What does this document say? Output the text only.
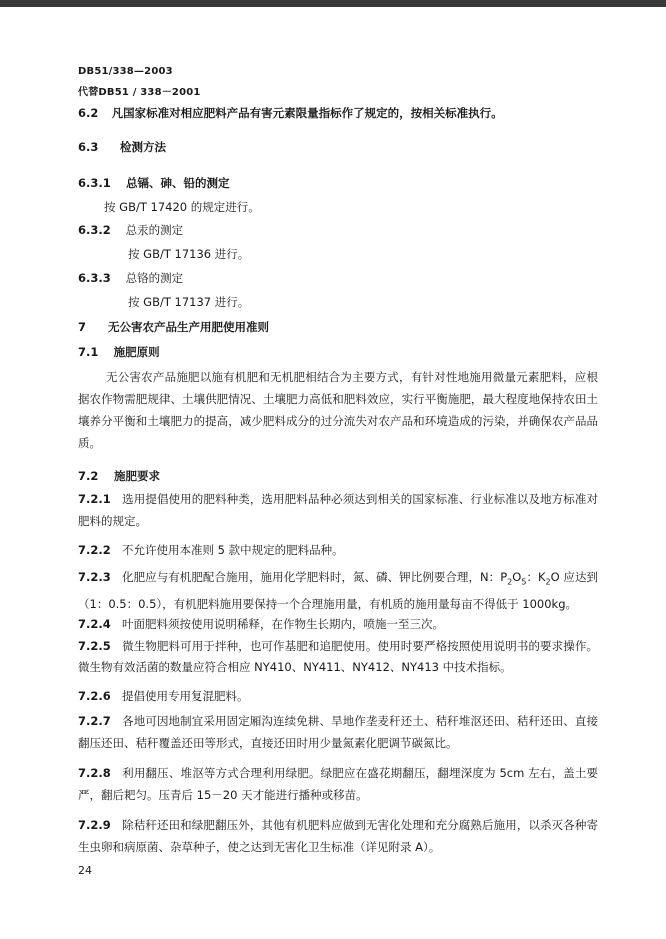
DB51/338—2003
代替DB51 / 338－2001
6.2 凡国家标准对相应肥料产品有害元素限量指标作了规定的，按相关标准执行。
6.3 检测方法
6.3.1 总镉、砷、铅的测定
按 GB/T 17420 的规定进行。
6.3.2 总汞的测定
按 GB/T 17136 进行。
6.3.3 总铬的测定
按 GB/T 17137 进行。
7 无公害农产品生产用肥使用准则
7.1 施肥原则
无公害农产品施肥以施有机肥和无机肥相结合为主要方式，有针对性地施用微量元素肥料，应根据农作物需肥规律、土壤供肥情况、土壤肥力高低和肥料效应，实行平衡施肥，最大程度地保持农田土壤养分平衡和土壤肥力的提高，减少肥料成分的过分流失对农产品和环境造成的污染，并确保农产品品质。
7.2 施肥要求
7.2.1 选用提倡使用的肥料种类，选用肥料品种必须达到相关的国家标准、行业标准以及地方标准对肥料的规定。
7.2.2 不允许使用本准则 5 款中规定的肥料品种。
7.2.3 化肥应与有机肥配合施用，施用化学肥料时，氮、磷、钾比例要合理，N：$P_2O_5$：$K_2O$ 应达到（1：0.5：0.5），有机肥料施用要保持一个合理施用量，有机质的施用量每亩不得低于 1000kg。
7.2.4 叶面肥料须按使用说明稀释，在作物生长期内，喷施一至三次。
7.2.5 微生物肥料可用于拌种，也可作基肥和追肥使用。使用时要严格按照使用说明书的要求操作。微生物有效活菌的数量应符合相应 NY410、NY411、NY412、NY413 中技术指标。
7.2.6 提倡使用专用复混肥料。
7.2.7 各地可因地制宜采用固定厢沟连续免耕、旱地作垄麦秆还土、秸秆堆沤还田、秸秆还田、直接翻压还田、秸秆覆盖还田等形式，直接还田时用少量氮素化肥调节碳氮比。
7.2.8 利用翻压、堆沤等方式合理利用绿肥。绿肥应在盛花期翻压，翻埋深度为 5cm 左右，盖土要严，翻后耙匀。压青后 15－20 天才能进行播种或移苗。
7.2.9 除秸秆还田和绿肥翻压外，其他有机肥料应做到无害化处理和充分腐熟后施用，以杀灭各种寄生虫卵和病原菌、杂草种子，使之达到无害化卫生标准（详见附录 A）。
24
